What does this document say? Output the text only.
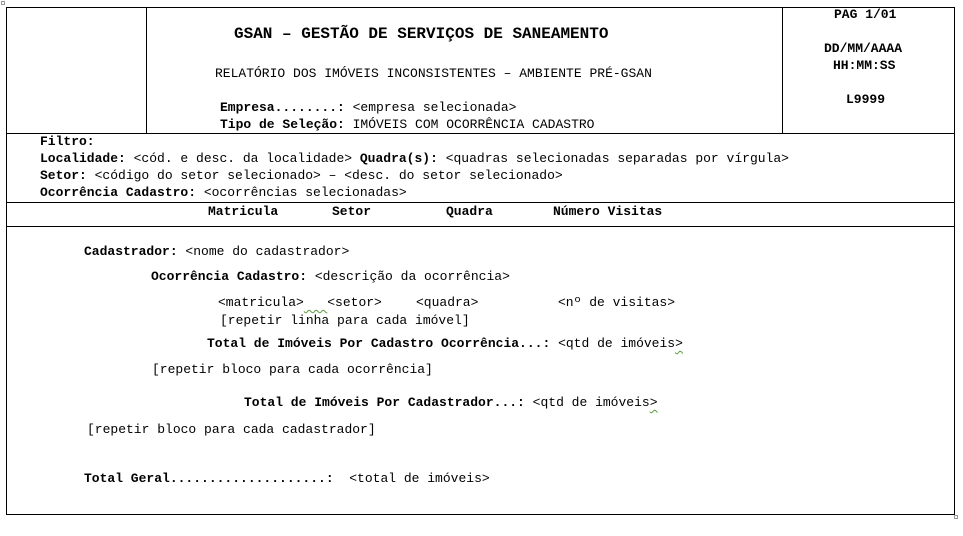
GSAN – GESTÃO DE SERVIÇOS DE SANEAMENTO
RELATÓRIO DOS IMÓVEIS INCONSISTENTES – AMBIENTE PRÉ-GSAN
Empresa........: <empresa selecionada>
Tipo de Seleção: IMÓVEIS COM OCORRÊNCIA CADASTRO
PAG 1/01
DD/MM/AAAA
HH:MM:SS
L9999
Filtro:
Localidade: <cód. e desc. da localidade> Quadra(s): <quadras selecionadas separadas por vírgula>
Setor: <código do setor selecionado> – <desc. do setor selecionado>
Ocorrência Cadastro: <ocorrências selecionadas>
Matricula	Setor	Quadra	Número Visitas
Cadastrador: <nome do cadastrador>
Ocorrência Cadastro: <descrição da ocorrência>
<matricula> <setor>	<quadra>	<nº de visitas>
[repetir linha para cada imóvel]
Total de Imóveis Por Cadastro Ocorrência...: <qtd de imóveis>
[repetir bloco para cada ocorrência]
Total de Imóveis Por Cadastrador...: <qtd de imóveis>
[repetir bloco para cada cadastrador]
Total Geral....................:  <total de imóveis>
